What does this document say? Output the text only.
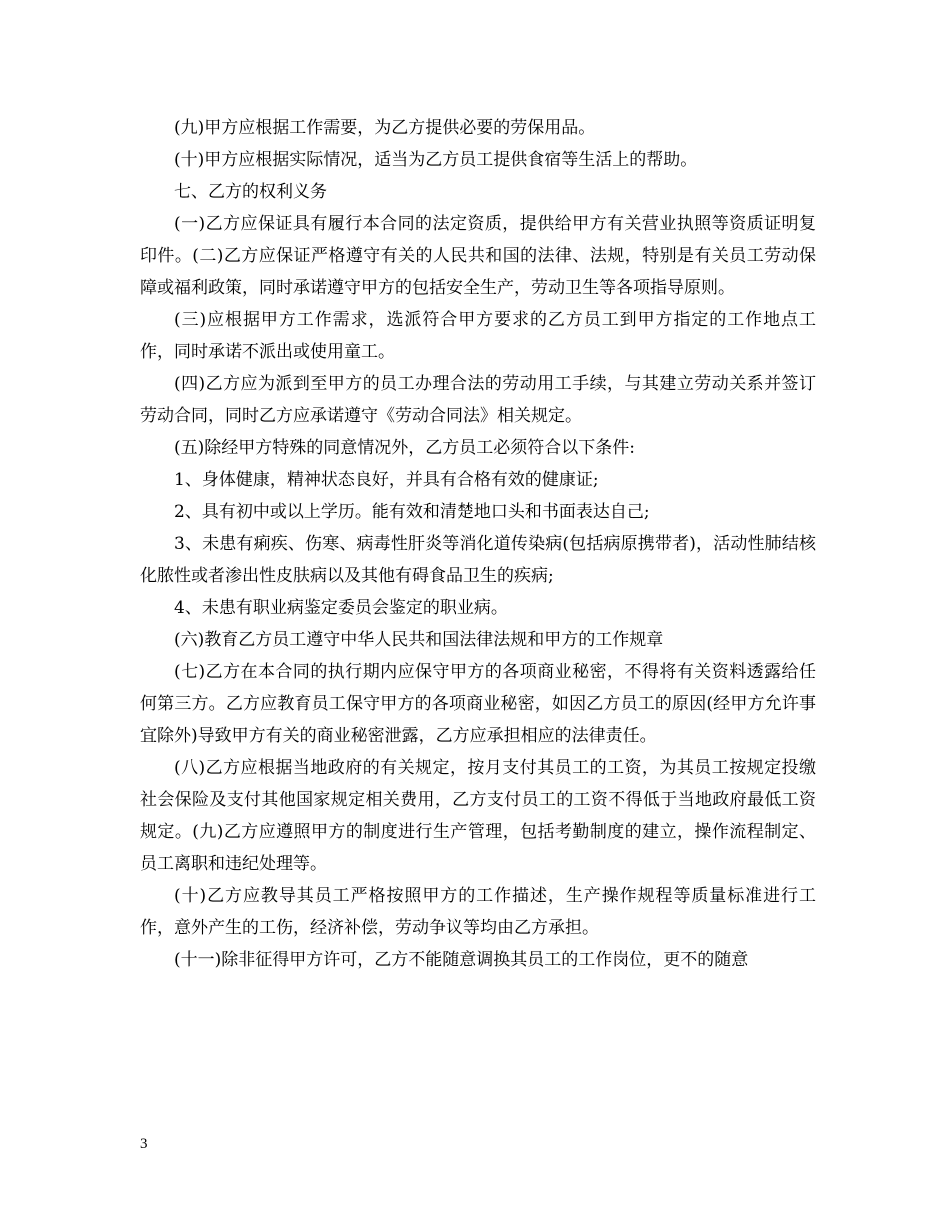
(九)甲方应根据工作需要，为乙方提供必要的劳保用品。

(十)甲方应根据实际情况，适当为乙方员工提供食宿等生活上的帮助。

七、乙方的权利义务

(一)乙方应保证具有履行本合同的法定资质，提供给甲方有关营业执照等资质证明复印件。(二)乙方应保证严格遵守有关的人民共和国的法律、法规，特别是有关员工劳动保障或福利政策，同时承诺遵守甲方的包括安全生产，劳动卫生等各项指导原则。

(三)应根据甲方工作需求，选派符合甲方要求的乙方员工到甲方指定的工作地点工作，同时承诺不派出或使用童工。

(四)乙方应为派到至甲方的员工办理合法的劳动用工手续，与其建立劳动关系并签订劳动合同，同时乙方应承诺遵守《劳动合同法》相关规定。

(五)除经甲方特殊的同意情况外，乙方员工必须符合以下条件:

1、身体健康，精神状态良好，并具有合格有效的健康证;

2、具有初中或以上学历。能有效和清楚地口头和书面表达自己;

3、未患有痢疾、伤寒、病毒性肝炎等消化道传染病(包括病原携带者)，活动性肺结核化脓性或者渗出性皮肤病以及其他有碍食品卫生的疾病;

4、未患有职业病鉴定委员会鉴定的职业病。

(六)教育乙方员工遵守中华人民共和国法律法规和甲方的工作规章

(七)乙方在本合同的执行期内应保守甲方的各项商业秘密，不得将有关资料透露给任何第三方。乙方应教育员工保守甲方的各项商业秘密，如因乙方员工的原因(经甲方允许事宜除外)导致甲方有关的商业秘密泄露，乙方应承担相应的法律责任。

(八)乙方应根据当地政府的有关规定，按月支付其员工的工资，为其员工按规定投缴社会保险及支付其他国家规定相关费用，乙方支付员工的工资不得低于当地政府最低工资规定。(九)乙方应遵照甲方的制度进行生产管理，包括考勤制度的建立，操作流程制定、员工离职和违纪处理等。

(十)乙方应教导其员工严格按照甲方的工作描述，生产操作规程等质量标准进行工作，意外产生的工伤，经济补偿，劳动争议等均由乙方承担。

(十一)除非征得甲方许可，乙方不能随意调换其员工的工作岗位，更不的随意

3
